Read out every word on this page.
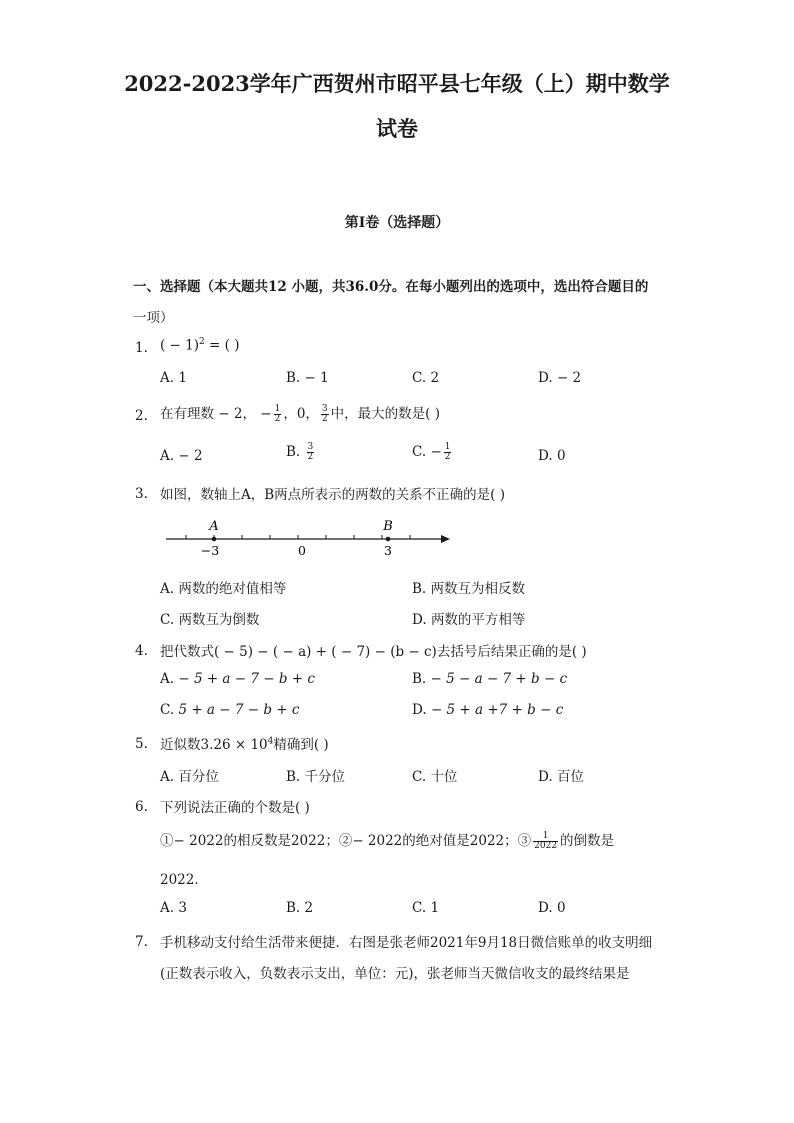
2022-2023学年广西贺州市昭平县七年级（上）期中数学
试卷
第Ⅰ卷（选择题）
一、选择题（本大题共12 小题，共36.0分。在每小题列出的选项中，选出符合题目的
一项）
1. ( − 1)$^2$ = ( )
A. 1	B. − 1	C. 2	D. − 2
2. 在有理数 − 2， − $\frac{1}{2}$ ，0， $\frac{3}{2}$ 中，最大的数是( )
A. − 2	B. $\frac{3}{2}$	C. − $\frac{1}{2}$	D. 0
3. 如图，数轴上A，B两点所表示的两数的关系不正确的是( )
A	B
−3	0	3
A. 两数的绝对值相等	B. 两数互为相反数
C. 两数互为倒数	D. 两数的平方相等
4. 把代数式( − 5) − ( − a) + ( − 7) − (b − c)去括号后结果正确的是( )
A. − 5 + a − 7 − b + c	B. − 5 − a − 7 + b − c
C. 5 + a − 7 − b + c	D. − 5 + a +7 + b − c
5. 近似数$3.26 \times 10^4$精确到( )
A. 百分位	B. 千分位	C. 十位	D. 百位
6. 下列说法正确的个数是( )
①− 2022的相反数是2022；②− 2022的绝对值是2022；③ $\frac{1}{2022}$ 的倒数是
2022．
A. 3	B. 2	C. 1	D. 0
7. 手机移动支付给生活带来便捷．右图是张老师2021年9月18日微信账单的收支明细
(正数表示收入，负数表示支出，单位：元)，张老师当天微信收支的最终结果是
